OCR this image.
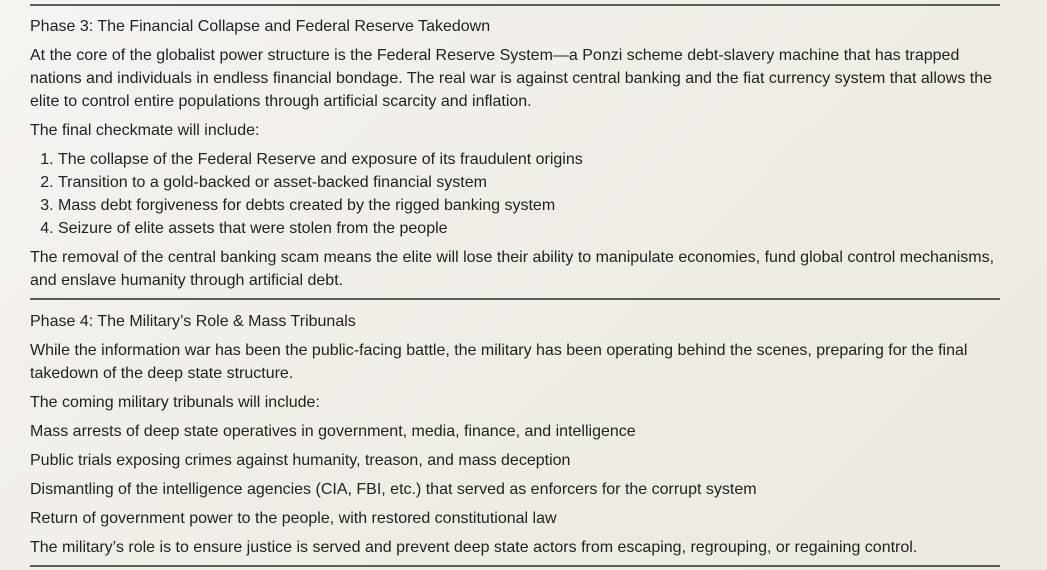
Phase 3: The Financial Collapse and Federal Reserve Takedown

At the core of the globalist power structure is the Federal Reserve System—a Ponzi scheme debt-slavery machine that has trapped nations and individuals in endless financial bondage. The real war is against central banking and the fiat currency system that allows the elite to control entire populations through artificial scarcity and inflation.

The final checkmate will include:

1. The collapse of the Federal Reserve and exposure of its fraudulent origins
2. Transition to a gold-backed or asset-backed financial system
3. Mass debt forgiveness for debts created by the rigged banking system
4. Seizure of elite assets that were stolen from the people

The removal of the central banking scam means the elite will lose their ability to manipulate economies, fund global control mechanisms, and enslave humanity through artificial debt.

Phase 4: The Military’s Role & Mass Tribunals

While the information war has been the public-facing battle, the military has been operating behind the scenes, preparing for the final takedown of the deep state structure.

The coming military tribunals will include:

Mass arrests of deep state operatives in government, media, finance, and intelligence

Public trials exposing crimes against humanity, treason, and mass deception

Dismantling of the intelligence agencies (CIA, FBI, etc.) that served as enforcers for the corrupt system

Return of government power to the people, with restored constitutional law

The military’s role is to ensure justice is served and prevent deep state actors from escaping, regrouping, or regaining control.
